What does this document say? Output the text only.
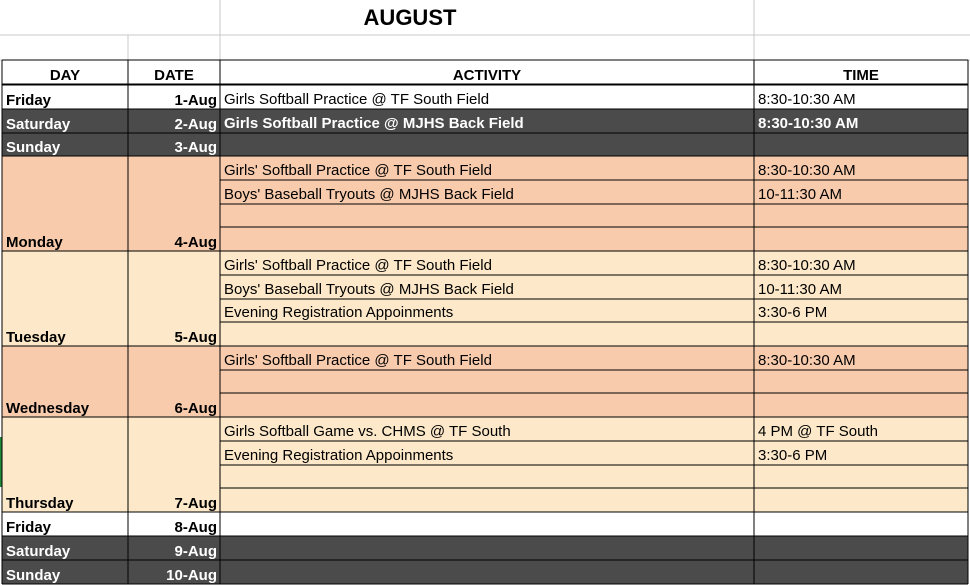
AUGUST
DAY	DATE	ACTIVITY	TIME
Friday	1-Aug Girls Softball Practice @ TF South Field	8:30-10:30 AM
Saturday	2-Aug Girls Softball Practice @ MJHS Back Field	8:30-10:30 AM
Sunday	3-Aug
Monday	4-Aug
Girls' Softball Practice @ TF South Field	8:30-10:30 AM
Boys' Baseball Tryouts @ MJHS Back Field	10-11:30 AM
Tuesday	5-Aug
Girls' Softball Practice @ TF South Field	8:30-10:30 AM
Boys' Baseball Tryouts @ MJHS Back Field	10-11:30 AM
Evening Registration Appoinments	3:30-6 PM
Wednesday	6-Aug
Girls' Softball Practice @ TF South Field	8:30-10:30 AM
Thursday	7-Aug
Girls Softball Game vs. CHMS @ TF South	4 PM @ TF South
Evening Registration Appoinments	3:30-6 PM
Friday	8-Aug
Saturday	9-Aug
Sunday	10-Aug
